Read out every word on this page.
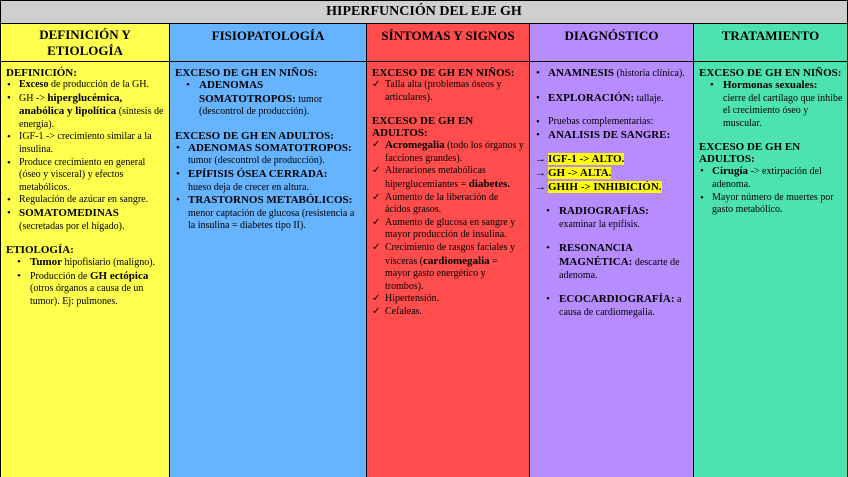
HIPERFUNCIÓN DEL EJE GH
DEFINICIÓN Y
ETIOLOGÍA
DEFINICIÓN:
• Exceso de producción de la GH.
• GH -> hiperglucémica, anabólica y lipolítica (síntesis de energía).
• IGF-1 -> crecimiento similar a la insulina.
• Produce crecimiento en general (óseo y visceral) y efectos metabólicos.
• Regulación de azúcar en sangre.
• SOMATOMEDINAS (secretadas por el hígado).
ETIOLOGÍA:
• Tumor hipofisiario (maligno).
• Producción de GH ectópica (otros órganos a causa de un tumor). Ej: pulmones.
FISIOPATOLOGÍA
EXCESO DE GH EN NIÑOS:
• ADENOMAS SOMATOTROPOS: tumor
(descontrol de producción).
EXCESO DE GH EN ADULTOS:
• ADENOMAS SOMATOTROPOS:
tumor (descontrol de producción).
• EPÍFISIS ÓSEA CERRADA:
hueso deja de crecer en altura.
• TRASTORNOS METABÓLICOS:
menor captación de glucosa (resistencia a la insulina = diabetes tipo II).
SÍNTOMAS Y SIGNOS
EXCESO DE GH EN NIÑOS:
✓ Talla alta (problemas óseos y articulares).
EXCESO DE GH EN ADULTOS:
✓ Acromegalia (todo los órganos y facciones grandes).
✓ Alteraciones metabólicas hiperglucemiantes = diabetes.
✓ Aumento de la liberación de ácidos grasos.
✓ Aumento de glucosa en sangre y mayor producción de insulina.
✓ Crecimiento de rasgos faciales y vísceras (cardiomegalia = mayor gasto energético y trombos).
✓ Hipertensión.
✓ Cefaleas.
DIAGNÓSTICO
• ANAMNESIS (historia clínica).
• EXPLORACIÓN: tallaje.
• Pruebas complementarias:
• ANALISIS DE SANGRE:
→ IGF-1 -> ALTO.
→ GH -> ALTA.
→ GHIH -> INHIBICIÓN.
• RADIOGRAFÍAS:
examinar la epífisis.
• RESONANCIA MAGNÉTICA: descarte de adenoma.
• ECOCARDIOGRAFÍA: a causa de cardiomegalia.
TRATAMIENTO
EXCESO DE GH EN NIÑOS:
• Hormonas sexuales:
cierre del cartílago que inhibe el crecimiento óseo y muscular.
EXCESO DE GH EN ADULTOS:
• Cirugía -> extirpación del adenoma.
• Mayor número de muertes por gasto metabólico.
